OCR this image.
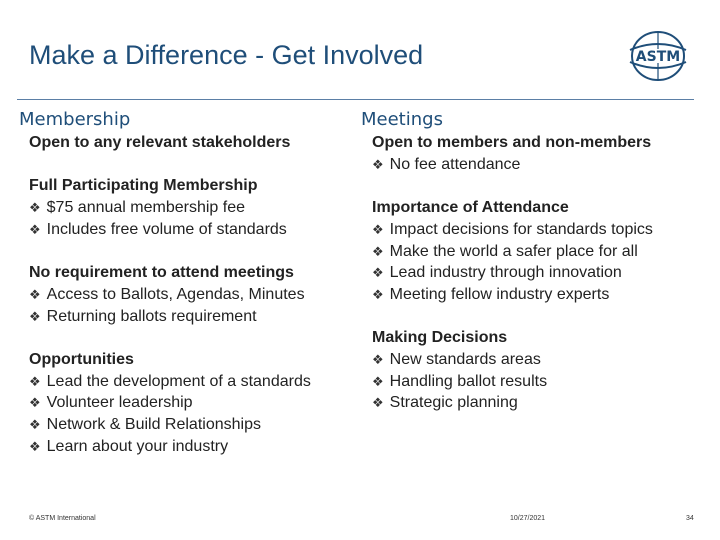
Make a Difference - Get Involved	ASTM
Membership
Open to any relevant stakeholders
Full Participating Membership
❖ $75 annual membership fee
❖ Includes free volume of standards
No requirement to attend meetings
❖ Access to Ballots, Agendas, Minutes
❖ Returning ballots requirement
Opportunities
❖ Lead the development of a standards
❖ Volunteer leadership
❖ Network & Build Relationships
❖ Learn about your industry
Meetings
Open to members and non-members
❖ No fee attendance
Importance of Attendance
❖ Impact decisions for standards topics
❖ Make the world a safer place for all
❖ Lead industry through innovation
❖ Meeting fellow industry experts
Making Decisions
❖ New standards areas
❖ Handling ballot results
❖ Strategic planning
© ASTM International	10/27/2021	34
